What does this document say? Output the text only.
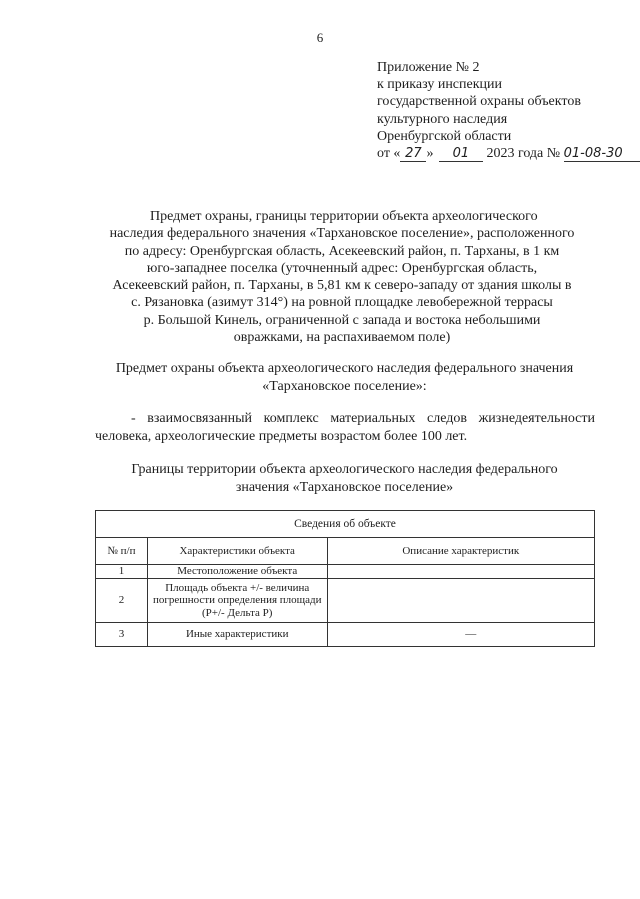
6
Приложение № 2
к приказу инспекции
государственной охраны объектов
культурного наследия
Оренбургской области
от « 27 » 01 2023 года № 01-08-30
Предмет охраны, границы территории объекта археологического
наследия федерального значения «Тархановское поселение», расположенного
по адресу: Оренбургская область, Асекеевский район, п. Тарханы, в 1 км
юго-западнее поселка (уточненный адрес: Оренбургская область,
Асекеевский район, п. Тарханы, в 5,81 км к северо-западу от здания школы в
с. Рязановка (азимут 314°) на ровной площадке левобережной террасы
р. Большой Кинель, ограниченной с запада и востока небольшими
овражками, на распахиваемом поле)
Предмет охраны объекта археологического наследия федерального значения
«Тархановское поселение»:
- взаимосвязанный комплекс материальных следов жизнедеятельности человека, археологические предметы возрастом более 100 лет.
Границы территории объекта археологического наследия федерального
значения «Тархановское поселение»
Сведения об объекте		
№ п/п	Характеристики объекта	Описание характеристик
1	Местоположение объекта	
2	Площадь объекта +/- величина погрешности определения площади (P+/- Дельта P)	
3	Иные характеристики	—
